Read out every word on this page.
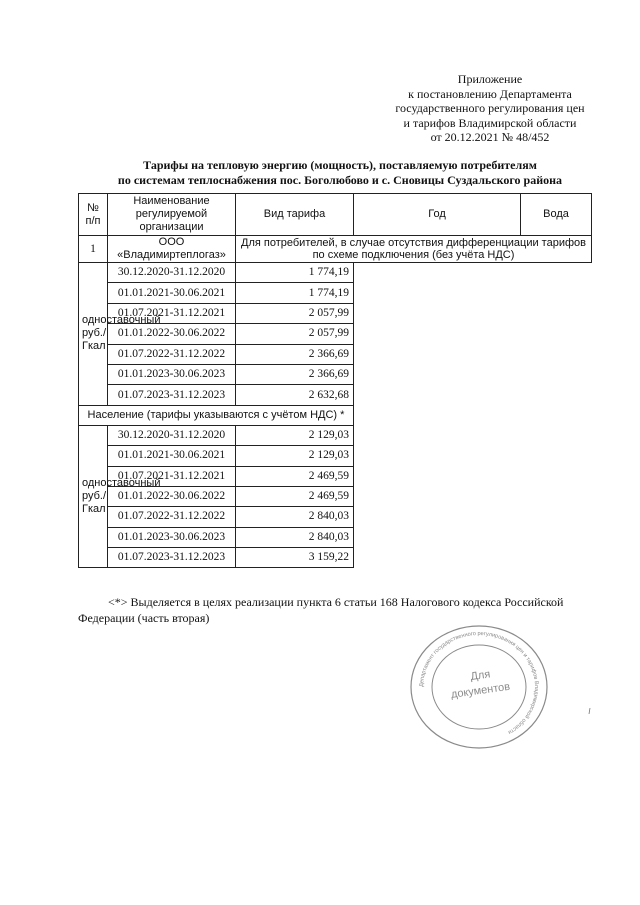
Приложение
к постановлению Департамента
государственного регулирования цен
и тарифов Владимирской области
от 20.12.2021 № 48/452
Тарифы на тепловую энергию (мощность), поставляемую потребителям
по системам теплоснабжения пос. Боголюбово и с. Сновицы Суздальского района
№ п/п	Наименование регулируемой организации	Вид тарифа	Год	Вода
1	ООО
«Владимиртеплогаз»	Для потребителей, в случае отсутствия дифференциации тарифов по схеме подключения (без учёта НДС)		

одноставочный
руб./Гкал	30.12.2020-31.12.2020	1 774,19		
	01.01.2021-30.06.2021	1 774,19		
	01.07.2021-31.12.2021	2 057,99		
	01.01.2022-30.06.2022	2 057,99		
	01.07.2022-31.12.2022	2 366,69		
	01.01.2023-30.06.2023	2 366,69		
	01.07.2023-31.12.2023	2 632,68		
Население (тарифы указываются с учётом НДС) *				

одноставочный
руб./Гкал	30.12.2020-31.12.2020	2 129,03		
	01.01.2021-30.06.2021	2 129,03		
	01.07.2021-31.12.2021	2 469,59		
	01.01.2022-30.06.2022	2 469,59		
	01.07.2022-31.12.2022	2 840,03		
	01.01.2023-30.06.2023	2 840,03		
	01.07.2023-31.12.2023	3 159,22		
<*> Выделяется в целях реализации пункта 6 статьи 168 Налогового кодекса Российской
Федерации (часть вторая)
Департамент государственного регулирования цен и тарифов Владимирской области
Для
документов
